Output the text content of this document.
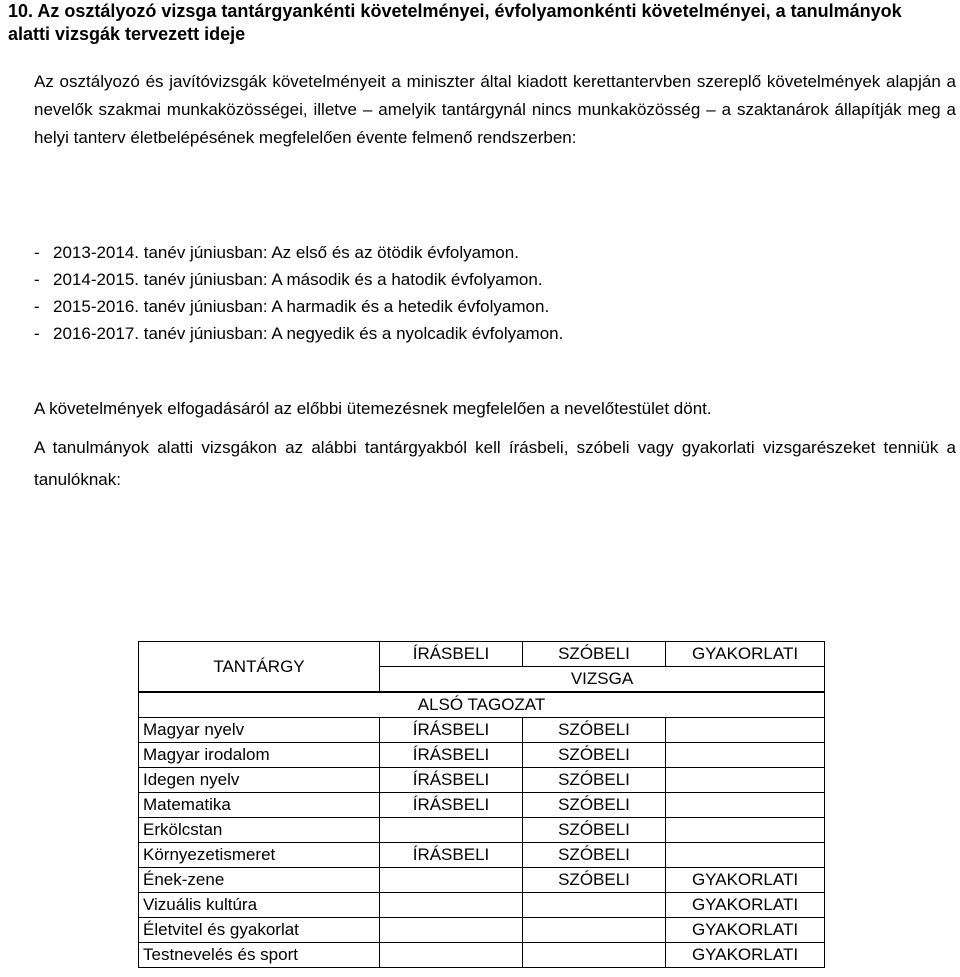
10. Az osztályozó vizsga tantárgyankénti követelményei, évfolyamonkénti követelményei, a tanulmányok alatti vizsgák tervezett ideje

Az osztályozó és javítóvizsgák követelményeit a miniszter által kiadott kerettantervben szereplő követelmények alapján a nevelők szakmai munkaközösségei, illetve – amelyik tantárgynál nincs munkaközösség – a szaktanárok állapítják meg a helyi tanterv életbelépésének megfelelően évente felmenő rendszerben:

- 2013-2014. tanév júniusban: Az első és az ötödik évfolyamon.
- 2014-2015. tanév júniusban: A második és a hatodik évfolyamon.
- 2015-2016. tanév júniusban: A harmadik és a hetedik évfolyamon.
- 2016-2017. tanév júniusban: A negyedik és a nyolcadik évfolyamon.

A követelmények elfogadásáról az előbbi ütemezésnek megfelelően a nevelőtestület dönt.

A tanulmányok alatti vizsgákon az alábbi tantárgyakból kell írásbeli, szóbeli vagy gyakorlati vizsgarészeket tenniük a tanulóknak:

TANTÁRGY	ÍRÁSBELI	SZÓBELI	GYAKORLATI
	VIZSGA		
ALSÓ TAGOZAT			
Magyar nyelv	ÍRÁSBELI	SZÓBELI	
Magyar irodalom	ÍRÁSBELI	SZÓBELI	
Idegen nyelv	ÍRÁSBELI	SZÓBELI	
Matematika	ÍRÁSBELI	SZÓBELI	
Erkölcstan		SZÓBELI	
Környezetismeret	ÍRÁSBELI	SZÓBELI	
Ének-zene		SZÓBELI	GYAKORLATI
Vizuális kultúra			GYAKORLATI
Életvitel és gyakorlat			GYAKORLATI
Testnevelés és sport			GYAKORLATI
